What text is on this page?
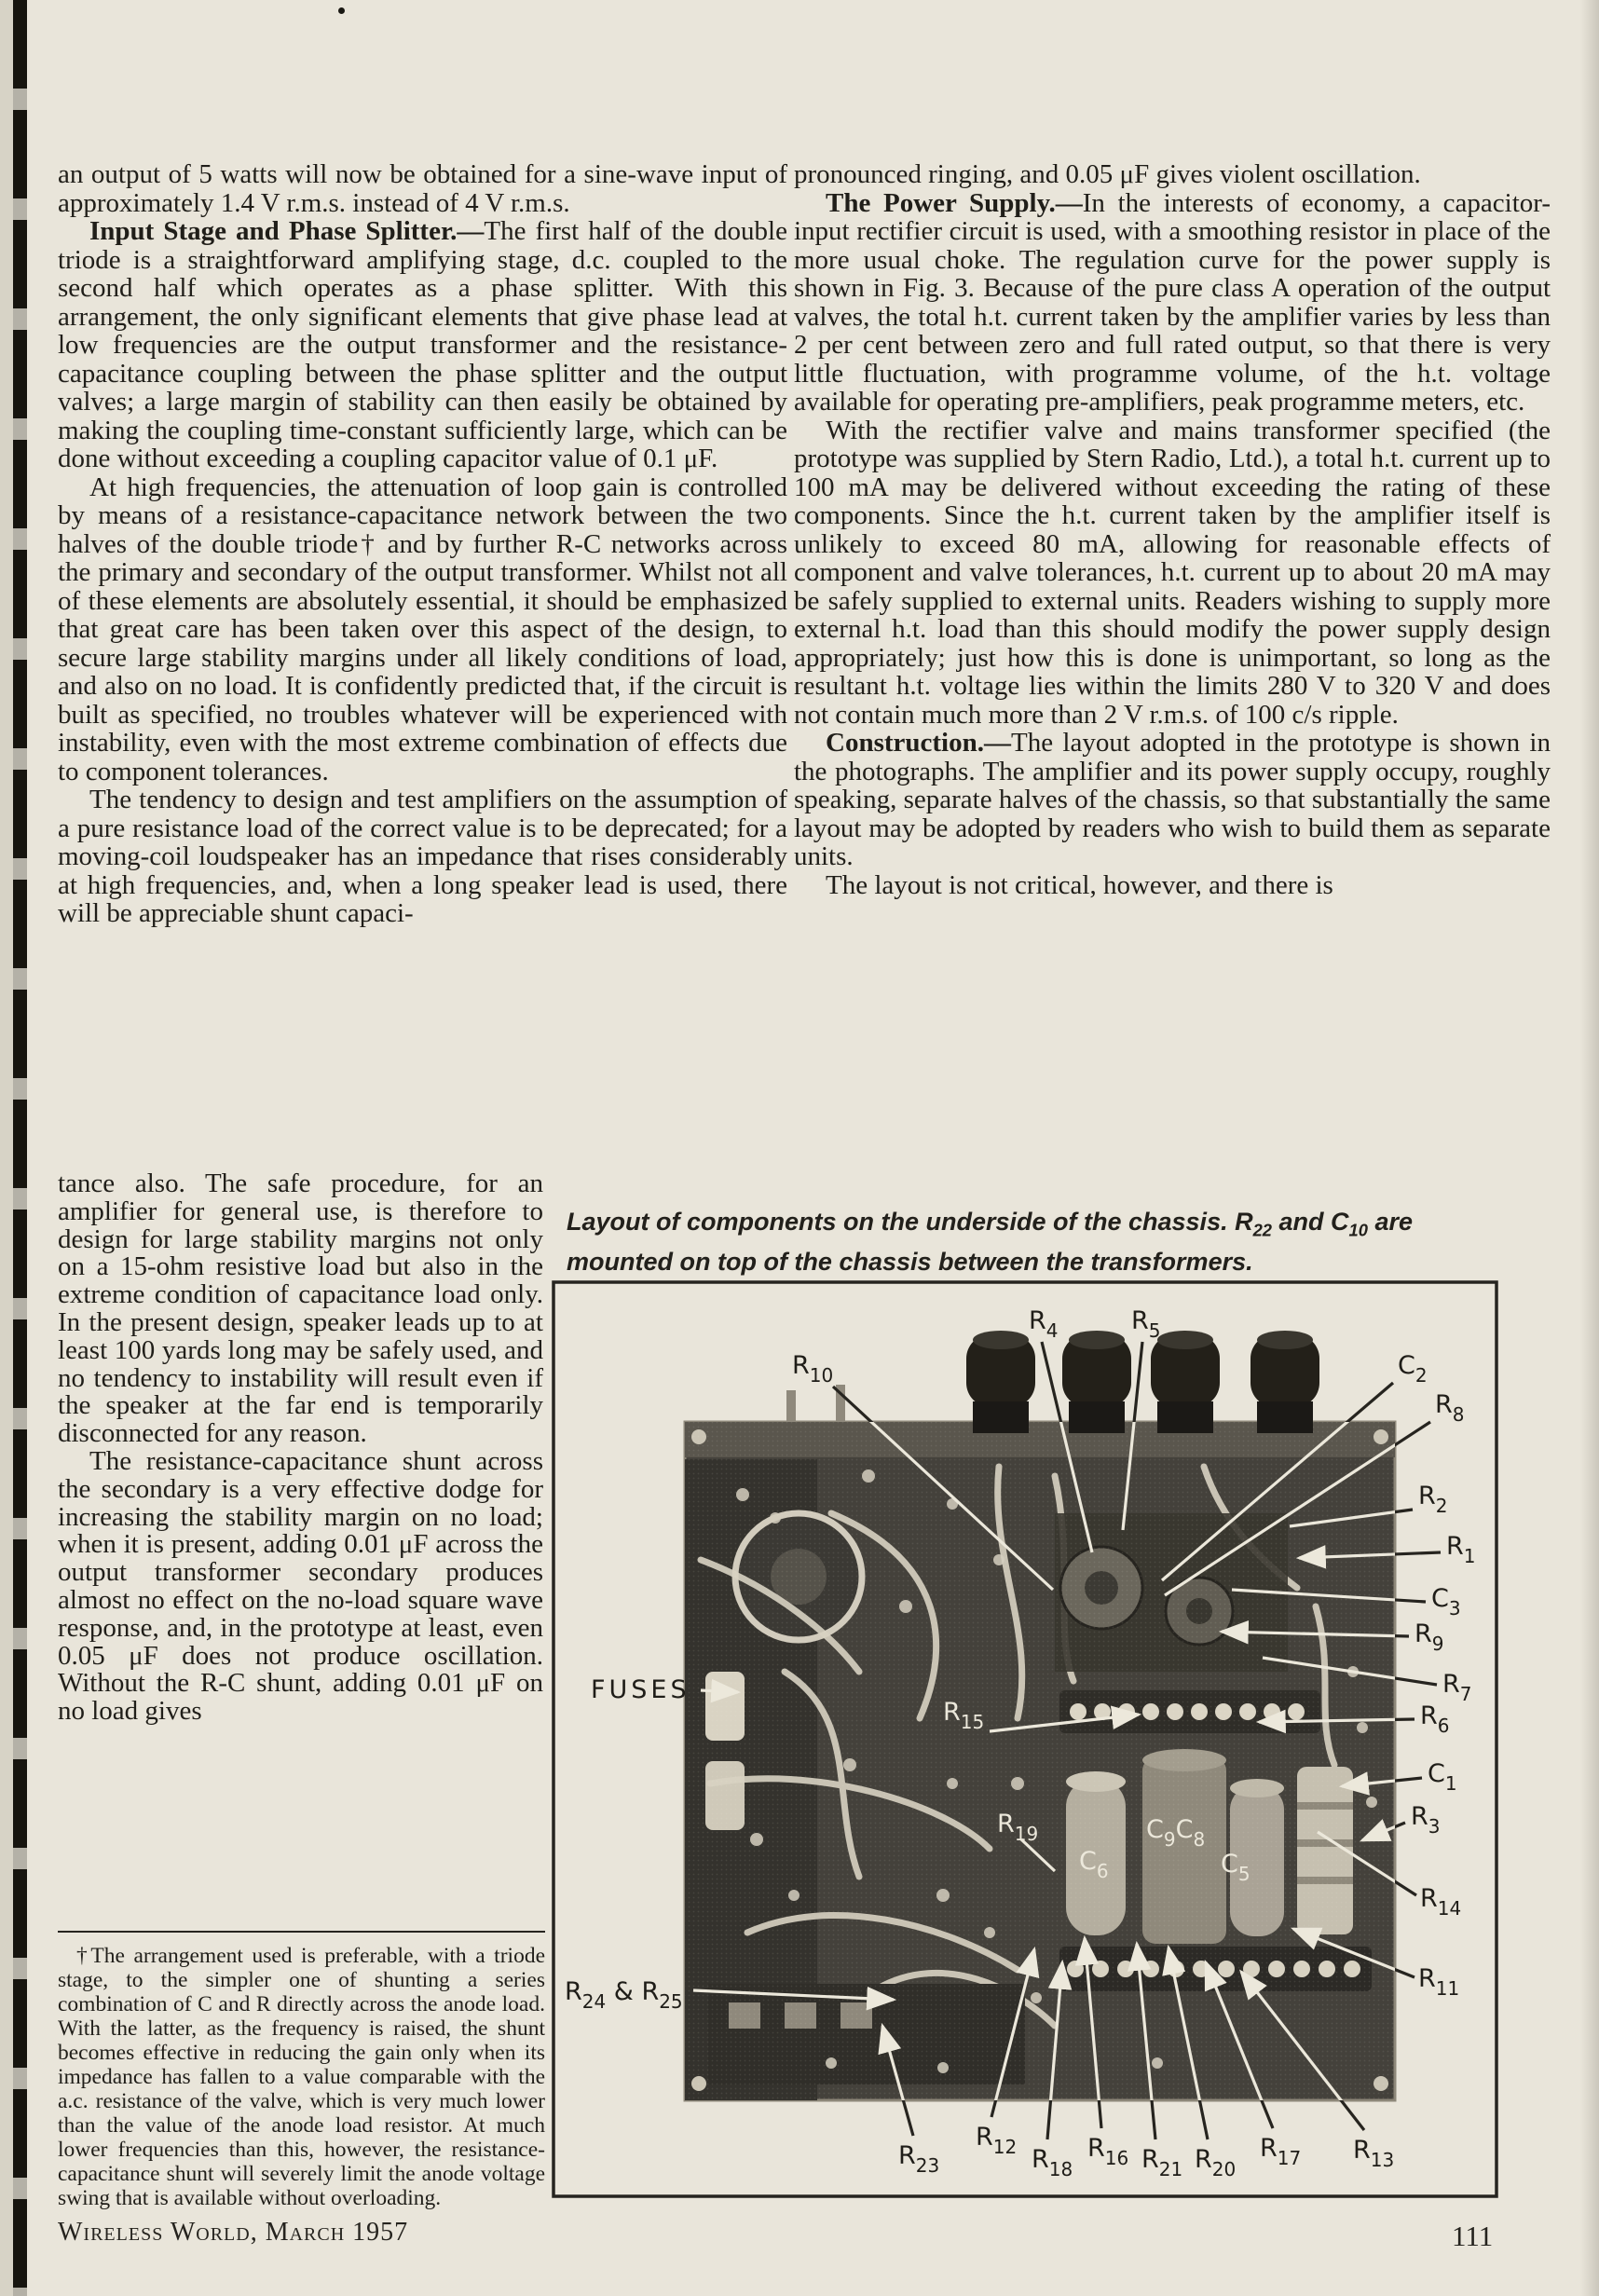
an output of 5 watts will now be obtained for a sine-wave input of approximately 1.4 V r.m.s. instead of 4 V r.m.s.

Input Stage and Phase Splitter.—The first half of the double triode is a straightforward amplifying stage, d.c. coupled to the second half which operates as a phase splitter. With this arrangement, the only significant elements that give phase lead at low frequencies are the output transformer and the resistance-capacitance coupling between the phase splitter and the output valves; a large margin of stability can then easily be obtained by making the coupling time-constant sufficiently large, which can be done without exceeding a coupling capacitor value of 0.1 μF.

At high frequencies, the attenuation of loop gain is controlled by means of a resistance-capacitance network between the two halves of the double triode† and by further R-C networks across the primary and secondary of the output transformer. Whilst not all of these elements are absolutely essential, it should be emphasized that great care has been taken over this aspect of the design, to secure large stability margins under all likely conditions of load, and also on no load. It is confidently predicted that, if the circuit is built as specified, no troubles whatever will be experienced with instability, even with the most extreme combination of effects due to component tolerances.

The tendency to design and test amplifiers on the assumption of a pure resistance load of the correct value is to be deprecated; for a moving-coil loudspeaker has an impedance that rises considerably at high frequencies, and, when a long speaker lead is used, there will be appreciable shunt capaci-

pronounced ringing, and 0.05 μF gives violent oscillation.

The Power Supply.—In the interests of economy, a capacitor-input rectifier circuit is used, with a smoothing resistor in place of the more usual choke. The regulation curve for the power supply is shown in Fig. 3. Because of the pure class A operation of the output valves, the total h.t. current taken by the amplifier varies by less than 2 per cent between zero and full rated output, so that there is very little fluctuation, with programme volume, of the h.t. voltage available for operating pre-amplifiers, peak programme meters, etc.

With the rectifier valve and mains transformer specified (the prototype was supplied by Stern Radio, Ltd.), a total h.t. current up to 100 mA may be delivered without exceeding the rating of these components. Since the h.t. current taken by the amplifier itself is unlikely to exceed 80 mA, allowing for reasonable effects of component and valve tolerances, h.t. current up to about 20 mA may be safely supplied to external units. Readers wishing to supply more external h.t. load than this should modify the power supply design appropriately; just how this is done is unimportant, so long as the resultant h.t. voltage lies within the limits 280 V to 320 V and does not contain much more than 2 V r.m.s. of 100 c/s ripple.

Construction.—The layout adopted in the prototype is shown in the photographs. The amplifier and its power supply occupy, roughly speaking, separate halves of the chassis, so that substantially the same layout may be adopted by readers who wish to build them as separate units.

The layout is not critical, however, and there is

tance also. The safe procedure, for an amplifier for general use, is therefore to design for large stability margins not only on a 15-ohm resistive load but also in the extreme condition of capacitance load only. In the present design, speaker leads up to at least 100 yards long may be safely used, and no tendency to instability will result even if the speaker at the far end is temporarily disconnected for any reason.

The resistance-capacitance shunt across the secondary is a very effective dodge for increasing the stability margin on no load; when it is present, adding 0.01 μF across the output transformer secondary produces almost no effect on the no-load square wave response, and, in the prototype at least, even 0.05 μF does not produce oscillation. Without the R-C shunt, adding 0.01 μF on no load gives

†The arrangement used is preferable, with a triode stage, to the simpler one of shunting a series combination of C and R directly across the anode load. With the latter, as the frequency is raised, the shunt becomes effective in reducing the gain only when its impedance has fallen to a value comparable with the a.c. resistance of the valve, which is very much lower than the value of the anode load resistor. At much lower frequencies than this, however, the resistance-capacitance shunt will severely limit the anode voltage swing that is available without overloading.

Layout of components on the underside of the chassis. $R_{22}$ and $C_{10}$ are mounted on top of the chassis between the transformers.
$R_{10}$
$R_4$	$R_5$
$C_2$
$R_8$
$R_2$
$R_1$
$C_3$
$R_9$
$R_7$
$R_6$
$C_1$
$R_3$
$R_{14}$
$R_{11}$
FUSES
$R_{24}$ & $R_{25}$
$R_{15}$
$R_{19}$
$C_6$
$C_9C_8$
$C_5$
$R_{23}$
$R_{12}$ $R_{18}$
$R_{16}$ $R_{21}$ $R_{20}$
$R_{17}$ $R_{13}$
Wireless World, March 1957	111
